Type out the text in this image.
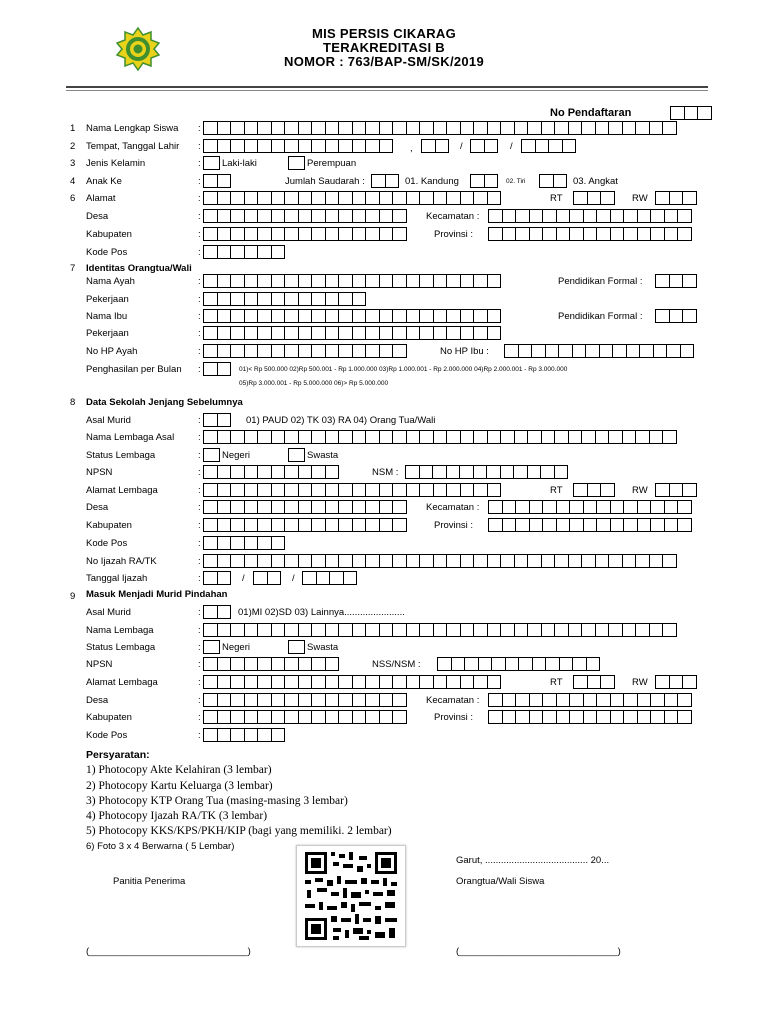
MIS PERSIS CIKARAG
TERAKREDITASI B
NOMOR : 763/BAP-SM/SK/2019
No Pendaftaran
1 Nama Lengkap Siswa :
2 Tempat, Tanggal Lahir :	,	/	/
3 Jenis Kelamin	: Laki-laki	Perempuan
4 Anak Ke	:	Jumlah Saudarah :	01. Kandung	02. Tiri	03. Angkat
6 Alamat	:	RT	RW
Desa	:	Kecamatan :
Kabupaten	:	Provinsi :
Kode Pos	:
7 Identitas Orangtua/Wali
Nama Ayah	:	Pendidikan Formal :
Pekerjaan	:
Nama Ibu	:	Pendidikan Formal :
Pekerjaan	:
No HP Ayah	:	No HP Ibu :
Penghasilan per Bulan :	01)< Rp 500.000 02)Rp 500.001 - Rp 1.000.000 03)Rp 1.000.001 - Rp 2.000.000 04)Rp 2.000.001 - Rp 3.000.000
05)Rp 3.000.001 - Rp 5.000.000 06)> Rp 5.000.000
8 Data Sekolah Jenjang Sebelumnya
Asal Murid	:	01) PAUD 02) TK 03) RA 04) Orang Tua/Wali
Nama Lembaga Asal	:
Status Lembaga	: Negeri	Swasta
NPSN	:	NSM :
Alamat Lembaga	:	RT	RW
Desa	:	Kecamatan :
Kabupaten	:	Provinsi :
Kode Pos	:
No Ijazah RA/TK	:
Tanggal Ijazah	:	/	/
9 Masuk Menjadi Murid Pindahan
Asal Murid	:	01)MI 02)SD 03) Lainnya.......................
Nama Lembaga	:
Status Lembaga	: Negeri	Swasta
NPSN	:	NSS/NSM :
Alamat Lembaga	:	RT	RW
Desa	:	Kecamatan :
Kabupaten	:	Provinsi :
Kode Pos	:
Persyaratan:
1) Photocopy Akte Kelahiran (3 lembar)
2) Photocopy Kartu Keluarga (3 lembar)
3) Photocopy KTP Orang Tua (masing-masing 3 lembar)
4) Photocopy Ijazah RA/TK (3 lembar)
5) Photocopy KKS/KPS/PKH/KIP (bagi yang memiliki. 2 lembar)
6) Foto 3 x 4 Berwarna ( 5 Lembar)
Garut, ....................................... 20...
Panitia Penerima	Orangtua/Wali Siswa
(______________________________)	(______________________________)
